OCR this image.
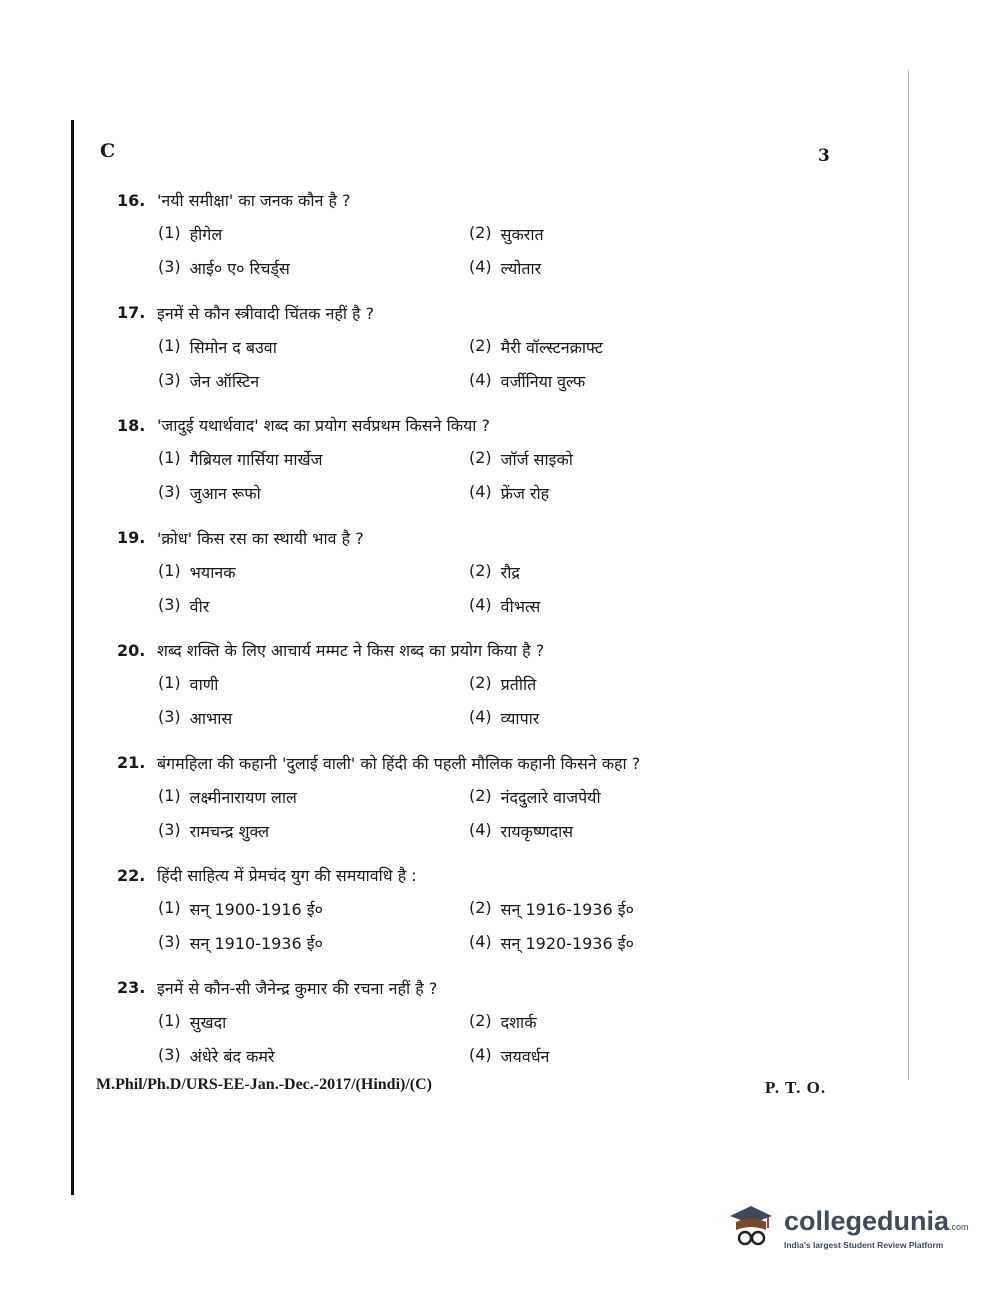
C	3
16. 'नयी समीक्षा' का जनक कौन है ?
(1) हीगेल	(2) सुकरात
(3) आई० ए० रिचर्ड्स	(4) ल्योतार
17. इनमें से कौन स्त्रीवादी चिंतक नहीं है ?
(1) सिमोन द बउवा	(2) मैरी वॉल्स्टनक्राफ्ट
(3) जेन ऑस्टिन	(4) वर्जीनिया वुल्फ
18. 'जादुई यथार्थवाद' शब्द का प्रयोग सर्वप्रथम किसने किया ?
(1) गैब्रियल गार्सिया मार्खेज	(2) जॉर्ज साइको
(3) जुआन रूफो	(4) फ्रेंज रोह
19. 'क्रोध' किस रस का स्थायी भाव है ?
(1) भयानक	(2) रौद्र
(3) वीर	(4) वीभत्स
20. शब्द शक्ति के लिए आचार्य मम्मट ने किस शब्द का प्रयोग किया है ?
(1) वाणी	(2) प्रतीति
(3) आभास	(4) व्यापार
21. बंगमहिला की कहानी 'दुलाई वाली' को हिंदी की पहली मौलिक कहानी किसने कहा ?
(1) लक्ष्मीनारायण लाल	(2) नंददुलारे वाजपेयी
(3) रामचन्द्र शुक्ल	(4) रायकृष्णदास
22. हिंदी साहित्य में प्रेमचंद युग की समयावधि है :
(1) सन् 1900-1916 ई०	(2) सन् 1916-1936 ई०
(3) सन् 1910-1936 ई०	(4) सन् 1920-1936 ई०
23. इनमें से कौन-सी जैनेन्द्र कुमार की रचना नहीं है ?
(1) सुखदा	(2) दशार्क
(3) अंधेरे बंद कमरे	(4) जयवर्धन
M.Phil/Ph.D/URS-EE-Jan.-Dec.-2017/(Hindi)/(C)	P. T. O.
collegedunia.com
India's largest Student Review Platform
